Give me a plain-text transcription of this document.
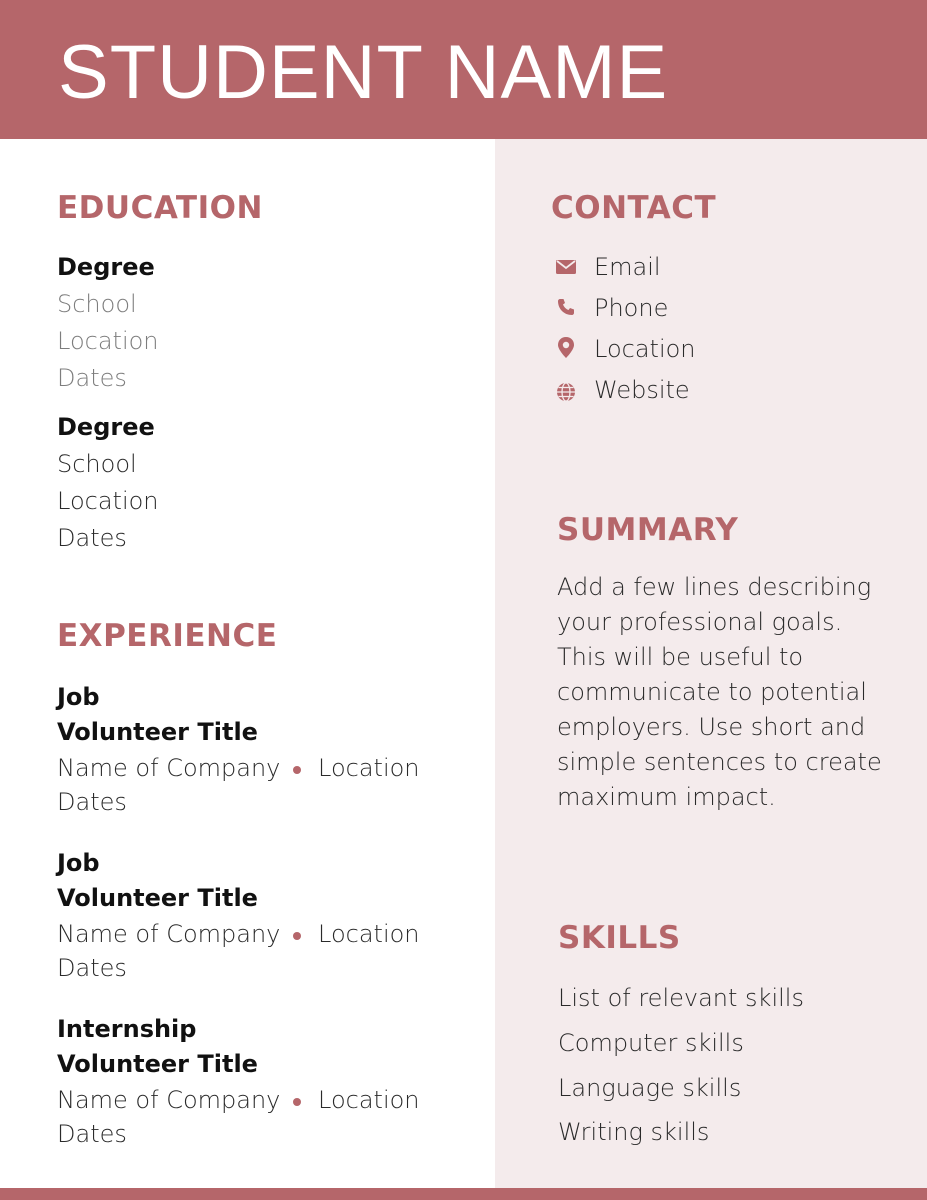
STUDENT NAME
EDUCATION
Degree
School
Location
Dates
Degree
School
Location
Dates
EXPERIENCE
Job
Volunteer Title
Name of Company Location
Dates
Job
Volunteer Title
Name of Company Location
Dates
Internship
Volunteer Title
Name of Company Location
Dates
CONTACT
Email
Phone
Location
Website
SUMMARY

Add a few lines describing your professional goals. This will be useful to communicate to potential employers. Use short and simple sentences to create maximum impact.

SKILLS
List of relevant skills
Computer skills
Language skills
Writing skills
